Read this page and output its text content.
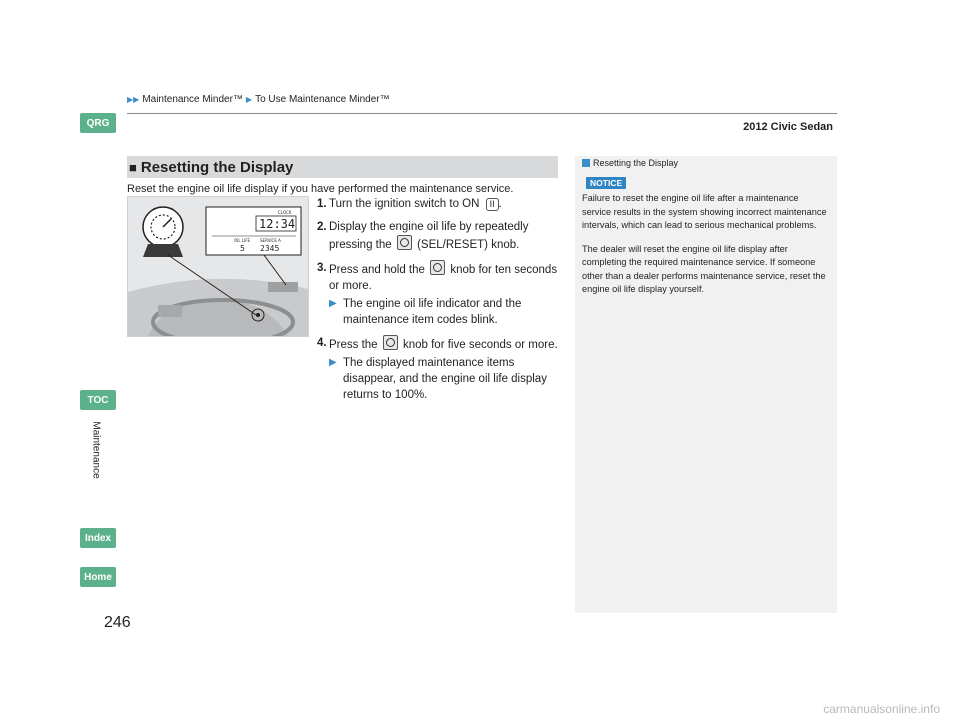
▶▶ Maintenance Minder™ ▶ To Use Maintenance Minder™
2012 Civic Sedan
QRG
TOC
Maintenance
Index
Home
246
■ Resetting the Display
Reset the engine oil life display if you have performed the maintenance service.
CLOCK
12:34
OIL LIFE SERVICE A
5 2345
1. Turn the ignition switch to ON II .
2. Display the engine oil life by repeatedly pressing the (SEL/RESET) knob.
3. Press and hold the knob for ten seconds or more.
▶ The engine oil life indicator and the maintenance item codes blink.
4. Press the knob for five seconds or more.
▶ The displayed maintenance items disappear, and the engine oil life display returns to 100%.
Resetting the Display
NOTICE

Failure to reset the engine oil life after a maintenance service results in the system showing incorrect maintenance intervals, which can lead to serious mechanical problems.

The dealer will reset the engine oil life display after completing the required maintenance service. If someone other than a dealer performs maintenance service, reset the engine oil life display yourself.

carmanualsonline.info
